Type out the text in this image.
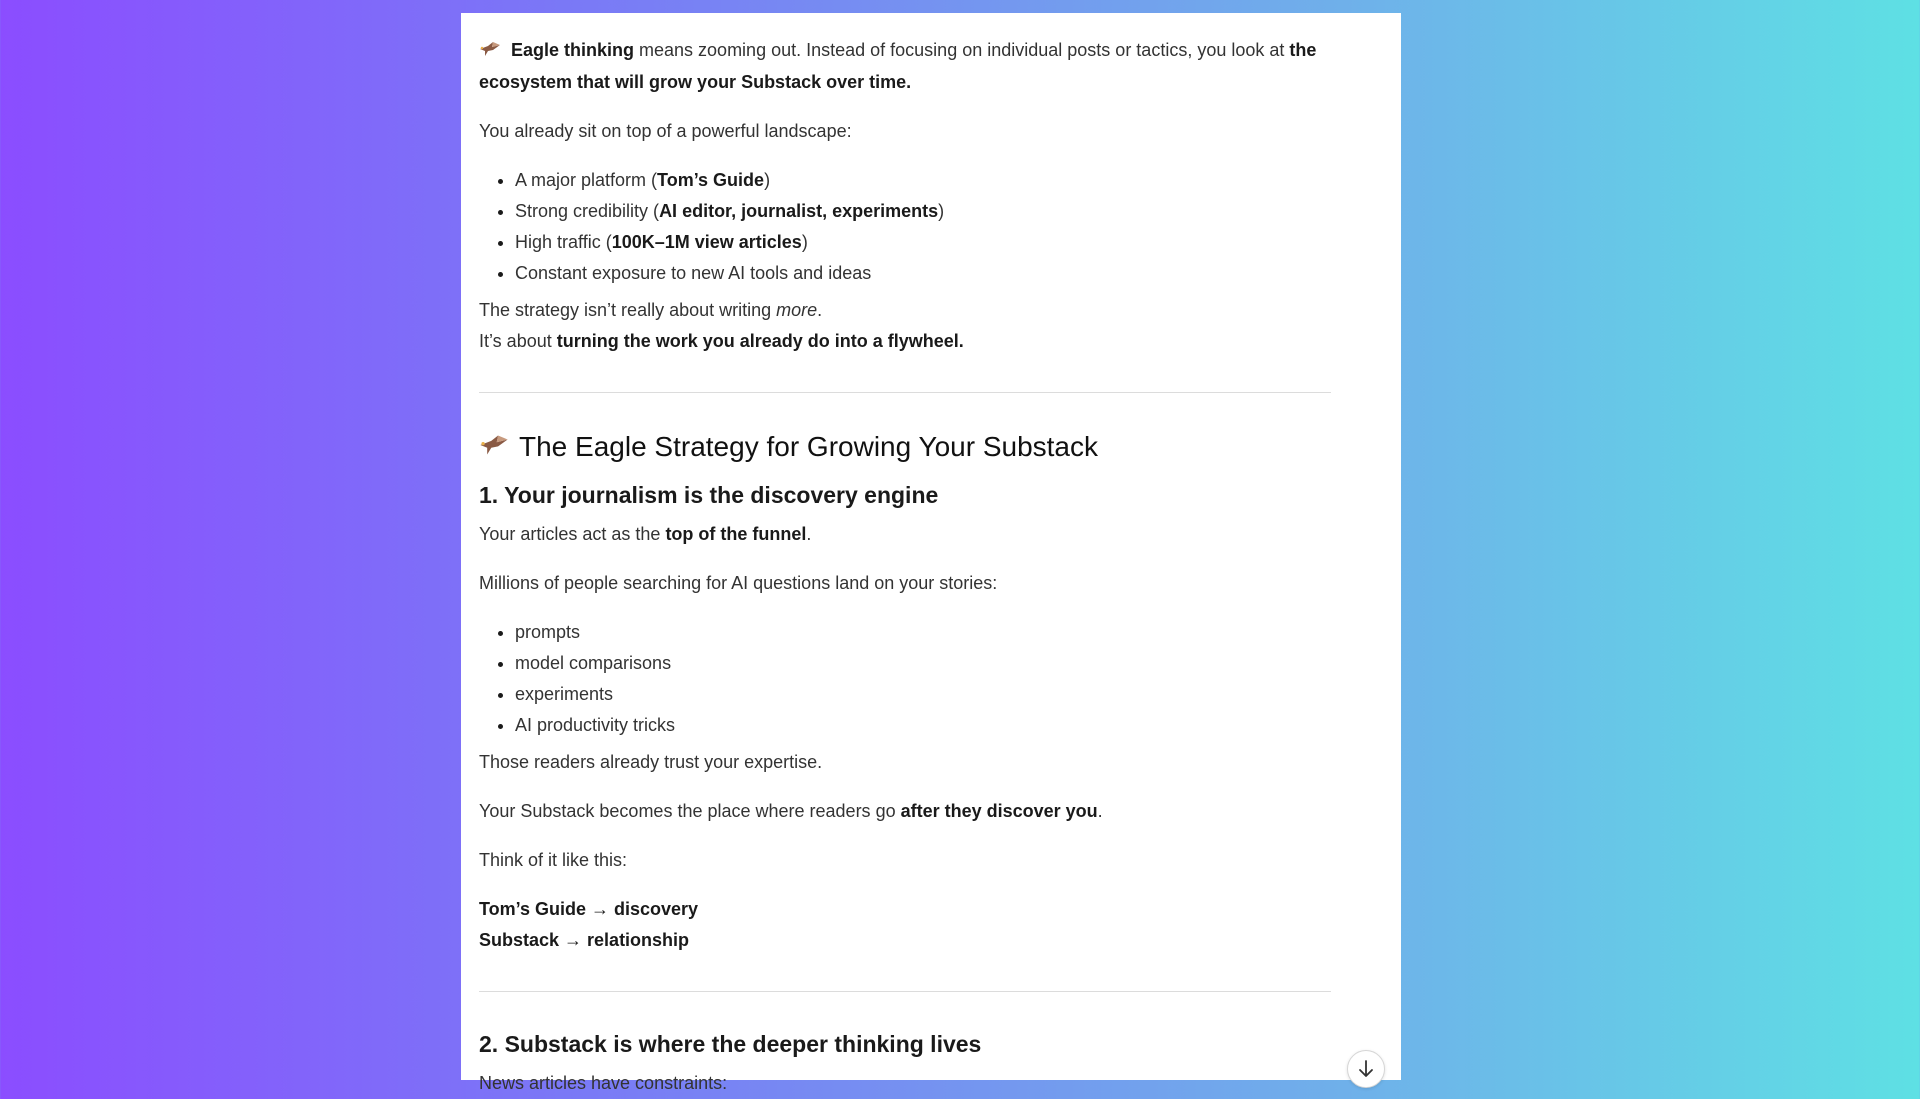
Eagle thinking means zooming out. Instead of focusing on individual posts or tactics, you look at the ecosystem that will grow your Substack over time.

You already sit on top of a powerful landscape:

• A major platform (Tom’s Guide)
• Strong credibility (AI editor, journalist, experiments)
• High traffic (100K–1M view articles)
• Constant exposure to new AI tools and ideas

The strategy isn’t really about writing more.

It’s about turning the work you already do into a flywheel.

The Eagle Strategy for Growing Your Substack
1. Your journalism is the discovery engine

Your articles act as the top of the funnel.

Millions of people searching for AI questions land on your stories:

• prompts
• model comparisons
• experiments
• AI productivity tricks

Those readers already trust your expertise.

Your Substack becomes the place where readers go after they discover you.

Think of it like this:

Tom’s Guide → discovery

Substack → relationship

2. Substack is where the deeper thinking lives

News articles have constraints:
